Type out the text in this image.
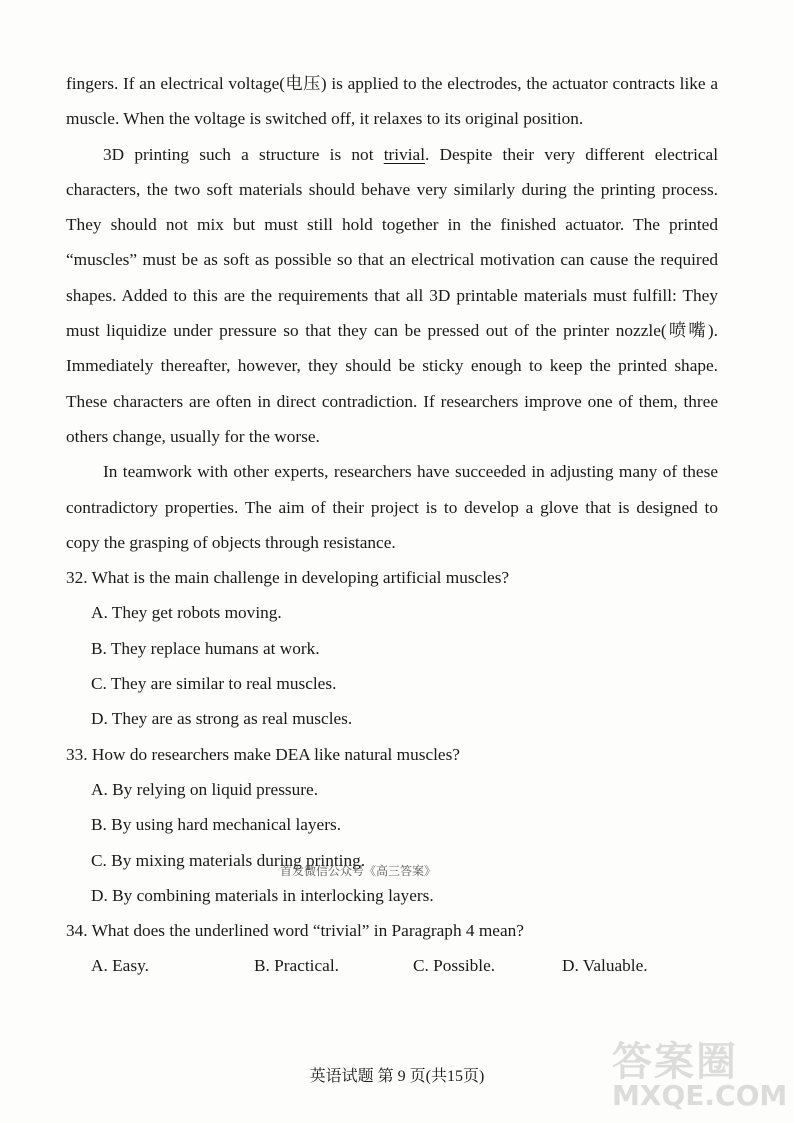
fingers. If an electrical voltage(电压) is applied to the electrodes, the actuator contracts like a muscle. When the voltage is switched off, it relaxes to its original position.

3D printing such a structure is not trivial. Despite their very different electrical characters, the two soft materials should behave very similarly during the printing process. They should not mix but must still hold together in the finished actuator. The printed “muscles” must be as soft as possible so that an electrical motivation can cause the required shapes. Added to this are the requirements that all 3D printable materials must fulfill: They must liquidize under pressure so that they can be pressed out of the printer nozzle(喷嘴). Immediately thereafter, however, they should be sticky enough to keep the printed shape. These characters are often in direct contradiction. If researchers improve one of them, three others change, usually for the worse.

In teamwork with other experts, researchers have succeeded in adjusting many of these contradictory properties. The aim of their project is to develop a glove that is designed to copy the grasping of objects through resistance.

32. What is the main challenge in developing artificial muscles?

A. They get robots moving.

B. They replace humans at work.

C. They are similar to real muscles.

D. They are as strong as real muscles.

33. How do researchers make DEA like natural muscles?

A. By relying on liquid pressure.

B. By using hard mechanical layers.

C. By mixing materials during printing.

D. By combining materials in interlocking layers.

34. What does the underlined word “trivial” in Paragraph 4 mean?

A. Easy.	B. Practical.	C. Possible.	D. Valuable.
首发微信公众号《高三答案》
英语试题 第 9 页(共15页)	答案圈
MXQE.COM
